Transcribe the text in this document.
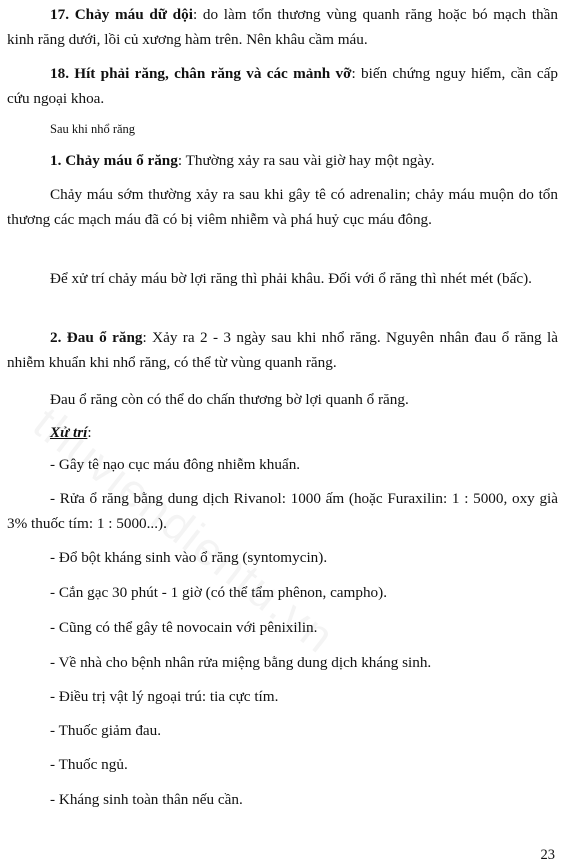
17. Chảy máu dữ dội: do làm tổn thương vùng quanh răng hoặc bó mạch thần kinh răng dưới, lồi củ xương hàm trên. Nên khâu cầm máu.

18. Hít phải răng, chân răng và các mảnh vỡ: biến chứng nguy hiểm, cần cấp cứu ngoại khoa.

Sau khi nhổ răng

1. Chảy máu ổ răng: Thường xảy ra sau vài giờ hay một ngày.

Chảy máu sớm thường xảy ra sau khi gây tê có adrenalin; chảy máu muộn do tổn thương các mạch máu đã có bị viêm nhiễm và phá huỷ cục máu đông.

Để xử trí chảy máu bờ lợi răng thì phải khâu. Đối với ổ răng thì nhét mét (bấc).

2. Đau ổ răng: Xảy ra 2 - 3 ngày sau khi nhổ răng. Nguyên nhân đau ổ răng là nhiễm khuẩn khi nhổ răng, có thể từ vùng quanh răng.

Đau ổ răng còn có thể do chấn thương bờ lợi quanh ổ răng.

Xử trí:

- Gây tê nạo cục máu đông nhiễm khuẩn.

- Rửa ổ răng bằng dung dịch Rivanol: 1000 ấm (hoặc Furaxilin: 1 : 5000, oxy già 3% thuốc tím: 1 : 5000...).

- Đổ bột kháng sinh vào ổ răng (syntomycin).

- Cắn gạc 30 phút - 1 giờ (có thể tẩm phênon, campho).

- Cũng có thể gây tê novocain với pênixilin.

- Về nhà cho bệnh nhân rửa miệng bằng dung dịch kháng sinh.

- Điều trị vật lý ngoại trú: tia cực tím.

- Thuốc giảm đau.

- Thuốc ngủ.

- Kháng sinh toàn thân nếu cần.

23
